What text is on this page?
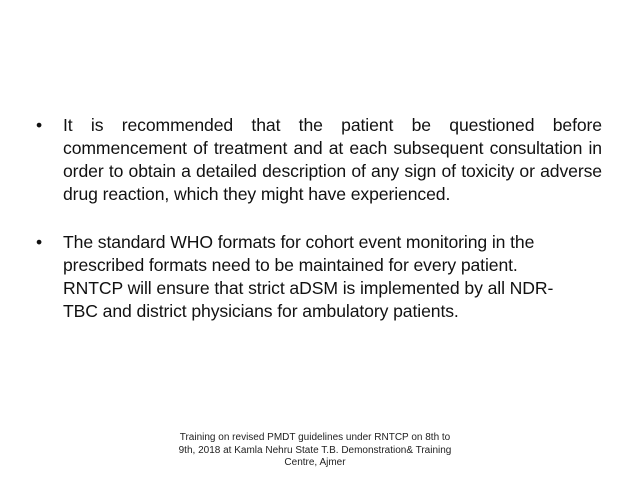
• It is recommended that the patient be questioned before commencement of treatment and at each subsequent consultation in order to obtain a detailed description of any sign of toxicity or adverse drug reaction, which they might have experienced.
• The standard WHO formats for cohort event monitoring in the
prescribed formats need to be maintained for every patient.
RNTCP will ensure that strict aDSM is implemented by all NDR-
TBC and district physicians for ambulatory patients.
Training on revised PMDT guidelines under RNTCP on 8th to
9th, 2018 at Kamla Nehru State T.B. Demonstration& Training
Centre, Ajmer
